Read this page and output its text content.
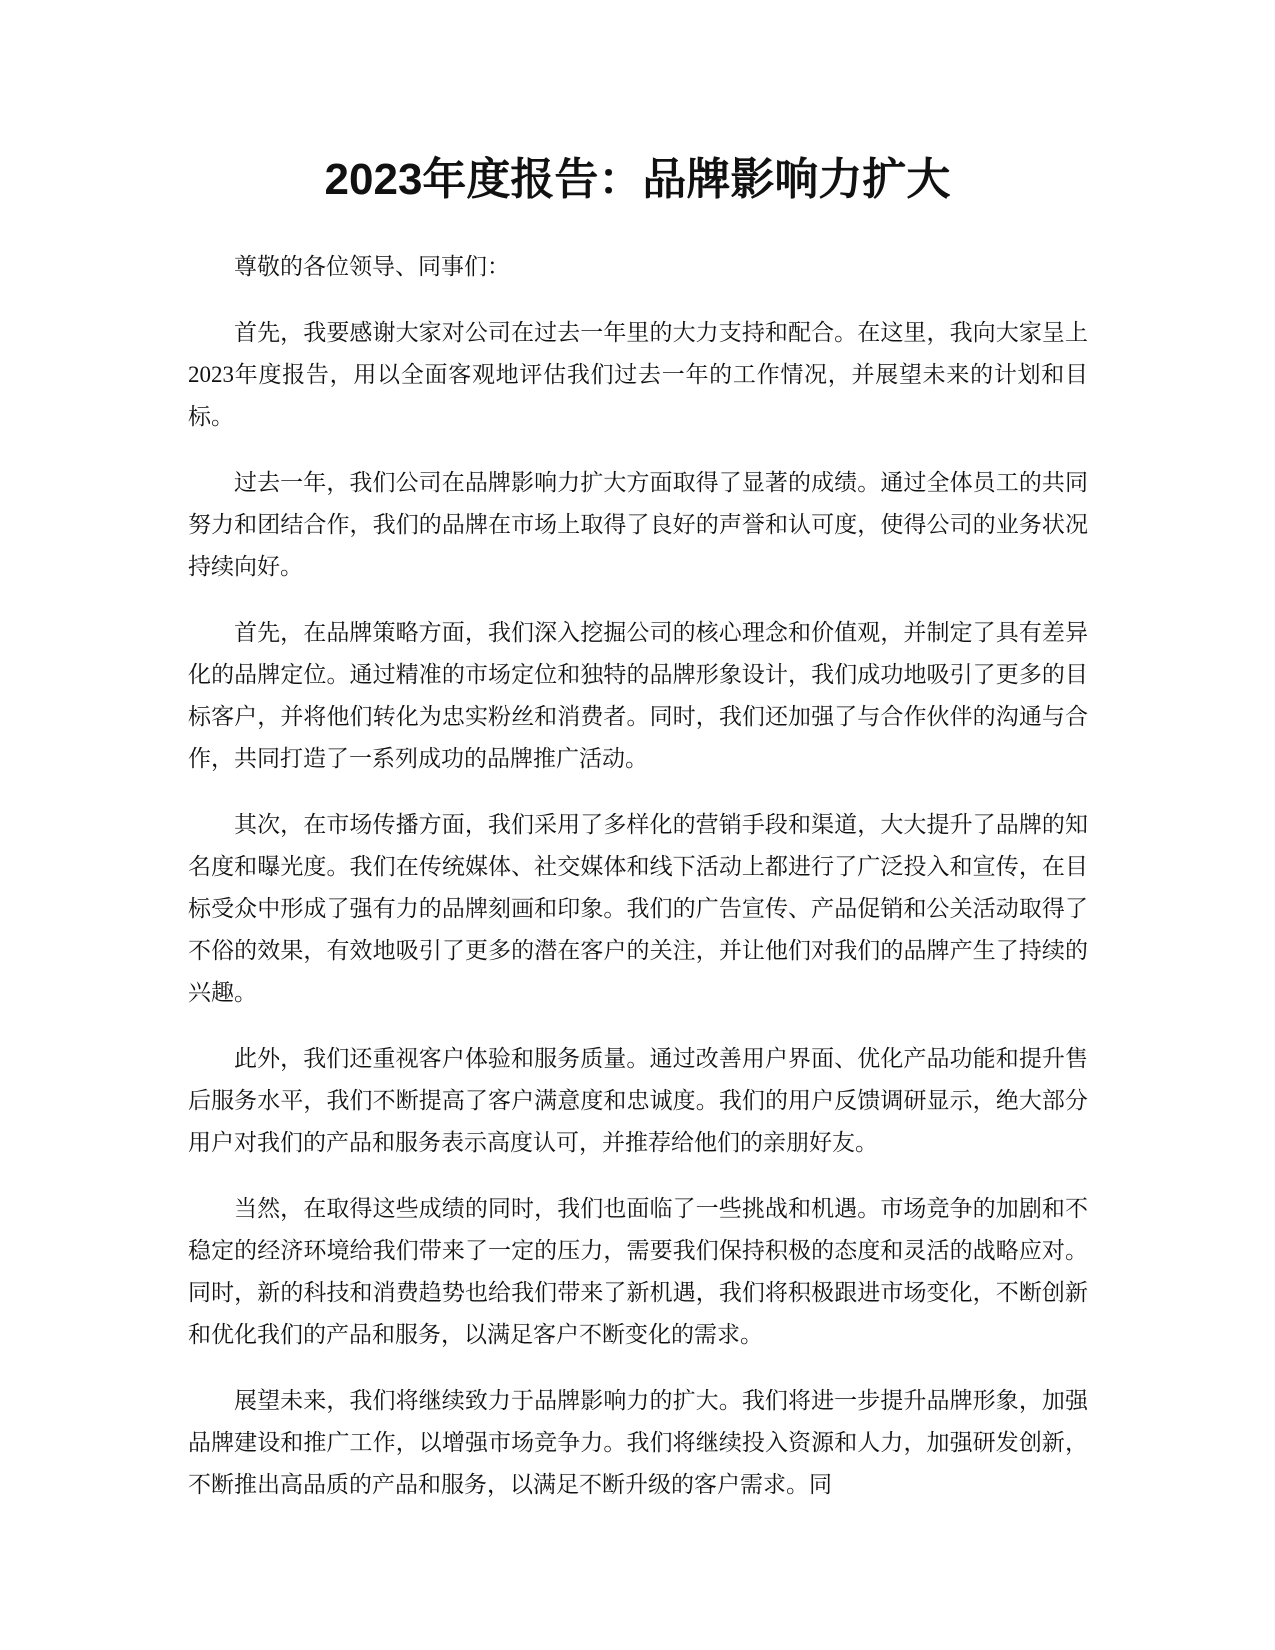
2023年度报告：品牌影响力扩大

尊敬的各位领导、同事们：

首先，我要感谢大家对公司在过去一年里的大力支持和配合。在这里，我向大家呈上2023年度报告，用以全面客观地评估我们过去一年的工作情况，并展望未来的计划和目标。

过去一年，我们公司在品牌影响力扩大方面取得了显著的成绩。通过全体员工的共同努力和团结合作，我们的品牌在市场上取得了良好的声誉和认可度，使得公司的业务状况持续向好。

首先，在品牌策略方面，我们深入挖掘公司的核心理念和价值观，并制定了具有差异化的品牌定位。通过精准的市场定位和独特的品牌形象设计，我们成功地吸引了更多的目标客户，并将他们转化为忠实粉丝和消费者。同时，我们还加强了与合作伙伴的沟通与合作，共同打造了一系列成功的品牌推广活动。

其次，在市场传播方面，我们采用了多样化的营销手段和渠道，大大提升了品牌的知名度和曝光度。我们在传统媒体、社交媒体和线下活动上都进行了广泛投入和宣传，在目标受众中形成了强有力的品牌刻画和印象。我们的广告宣传、产品促销和公关活动取得了不俗的效果，有效地吸引了更多的潜在客户的关注，并让他们对我们的品牌产生了持续的兴趣。

此外，我们还重视客户体验和服务质量。通过改善用户界面、优化产品功能和提升售后服务水平，我们不断提高了客户满意度和忠诚度。我们的用户反馈调研显示，绝大部分用户对我们的产品和服务表示高度认可，并推荐给他们的亲朋好友。

当然，在取得这些成绩的同时，我们也面临了一些挑战和机遇。市场竞争的加剧和不稳定的经济环境给我们带来了一定的压力，需要我们保持积极的态度和灵活的战略应对。同时，新的科技和消费趋势也给我们带来了新机遇，我们将积极跟进市场变化，不断创新和优化我们的产品和服务，以满足客户不断变化的需求。

展望未来，我们将继续致力于品牌影响力的扩大。我们将进一步提升品牌形象，加强品牌建设和推广工作，以增强市场竞争力。我们将继续投入资源和人力，加强研发创新，不断推出高品质的产品和服务，以满足不断升级的客户需求。同
